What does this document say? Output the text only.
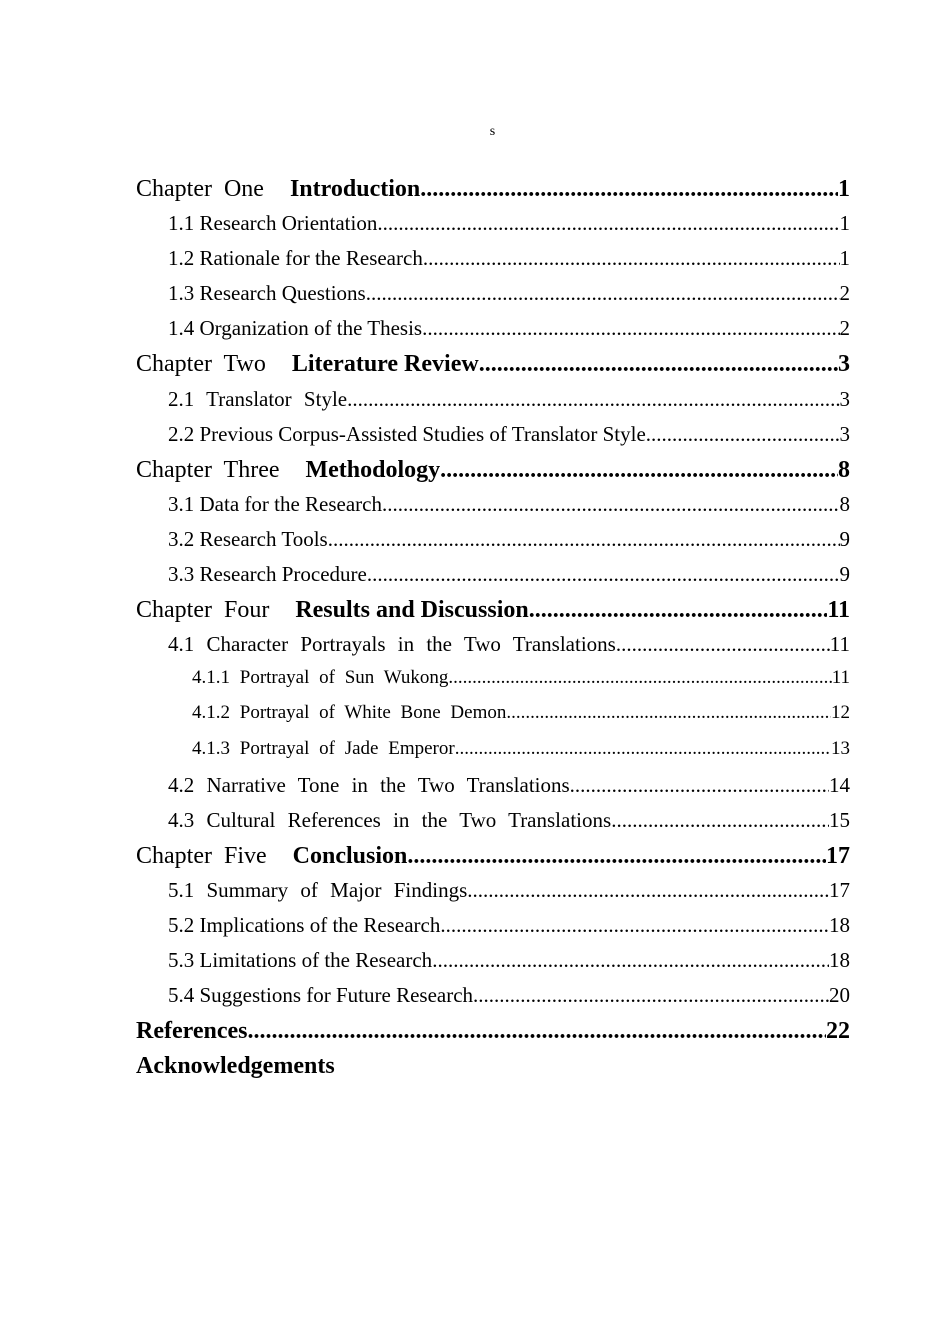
s
Chapter One Introduction .....	1
1.1 Research Orientation .....	1
1.2 Rationale for the Research .....	1
1.3 Research Questions .....	2
1.4 Organization of the Thesis .....	2
Chapter Two Literature Review .....	3
2.1 Translator Style .....	3
2.2 Previous Corpus-Assisted Studies of Translator Style .....	3
Chapter Three Methodology .....	8
3.1 Data for the Research .....	8
3.2 Research Tools .....	9
3.3 Research Procedure .....	9
Chapter Four Results and Discussion .....	11
4.1 Character Portrayals in the Two Translations .....	11
4.1.1 Portrayal of Sun Wukong .....	11
4.1.2 Portrayal of White Bone Demon .....	12
4.1.3 Portrayal of Jade Emperor .....	13
4.2 Narrative Tone in the Two Translations .....	14
4.3 Cultural References in the Two Translations .....	15
Chapter Five Conclusion .....	17
5.1 Summary of Major Findings .....	17
5.2 Implications of the Research .....	18
5.3 Limitations of the Research .....	18
5.4 Suggestions for Future Research .....	20
References .....	22
Acknowledgements
